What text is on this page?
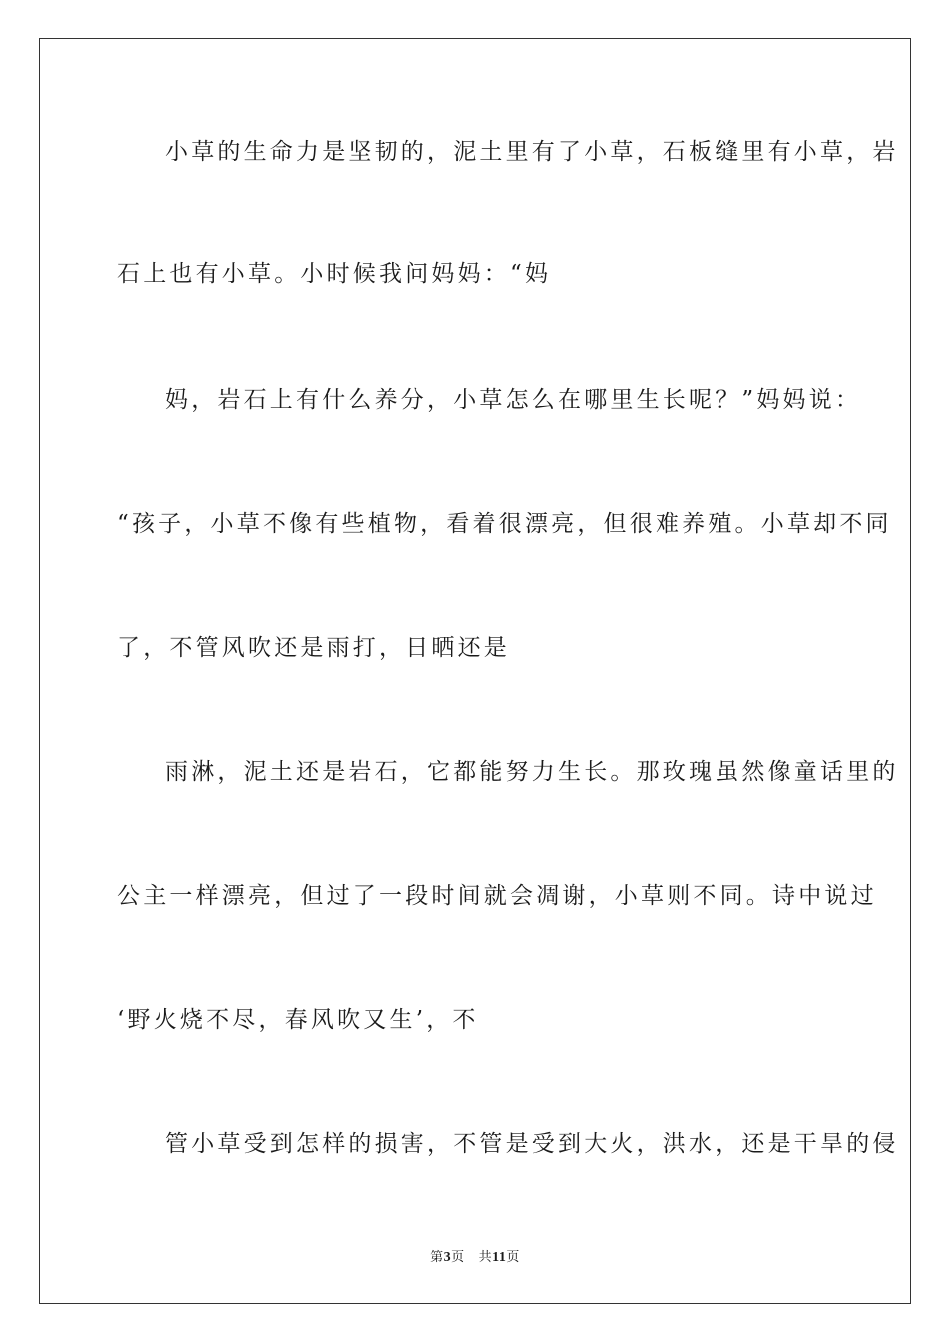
小草的生命力是坚韧的，泥土里有了小草，石板缝里有小草，岩
石上也有小草。小时候我问妈妈：“妈
妈，岩石上有什么养分，小草怎么在哪里生长呢？”妈妈说：
“孩子，小草不像有些植物，看着很漂亮，但很难养殖。小草却不同
了，不管风吹还是雨打，日晒还是
雨淋，泥土还是岩石，它都能努力生长。那玫瑰虽然像童话里的
公主一样漂亮，但过了一段时间就会凋谢，小草则不同。诗中说过
‘野火烧不尽，春风吹又生’，不
管小草受到怎样的损害，不管是受到大火，洪水，还是干旱的侵
第3页 共11页
